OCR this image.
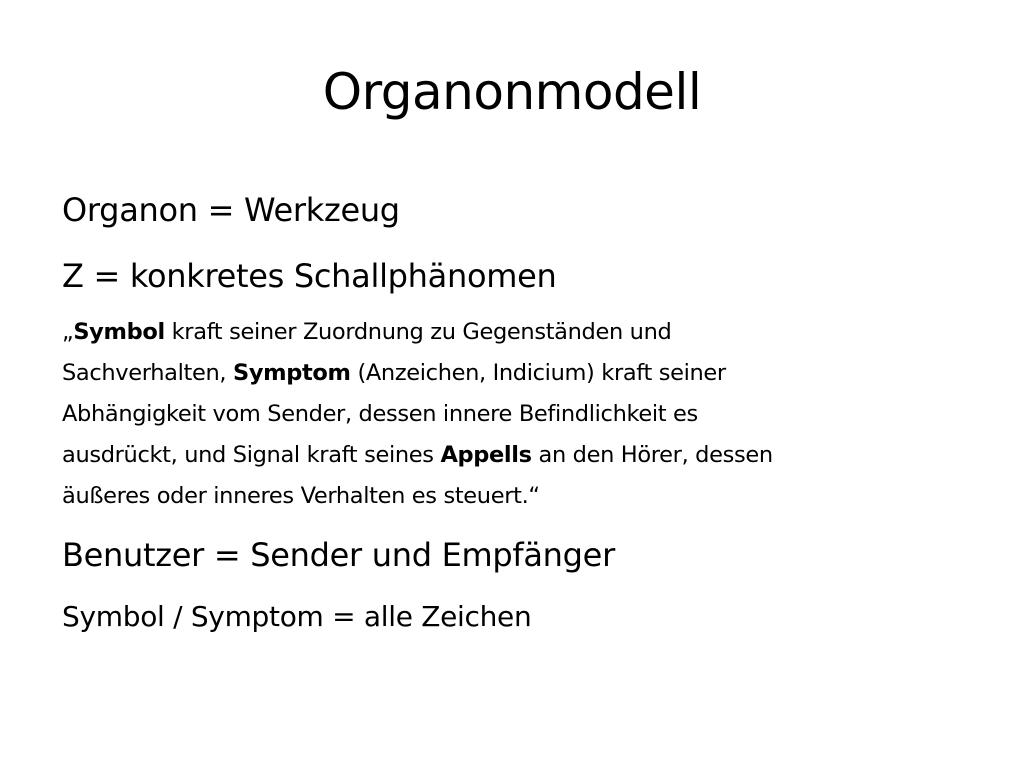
Organonmodell
Organon = Werkzeug
Z = konkretes Schallphänomen
„Symbol kraft seiner Zuordnung zu Gegenständen und
Sachverhalten, Symptom (Anzeichen, Indicium) kraft seiner
Abhängigkeit vom Sender, dessen innere Befindlichkeit es
ausdrückt, und Signal kraft seines Appells an den Hörer, dessen
äußeres oder inneres Verhalten es steuert.“
Benutzer = Sender und Empfänger
Symbol / Symptom = alle Zeichen
